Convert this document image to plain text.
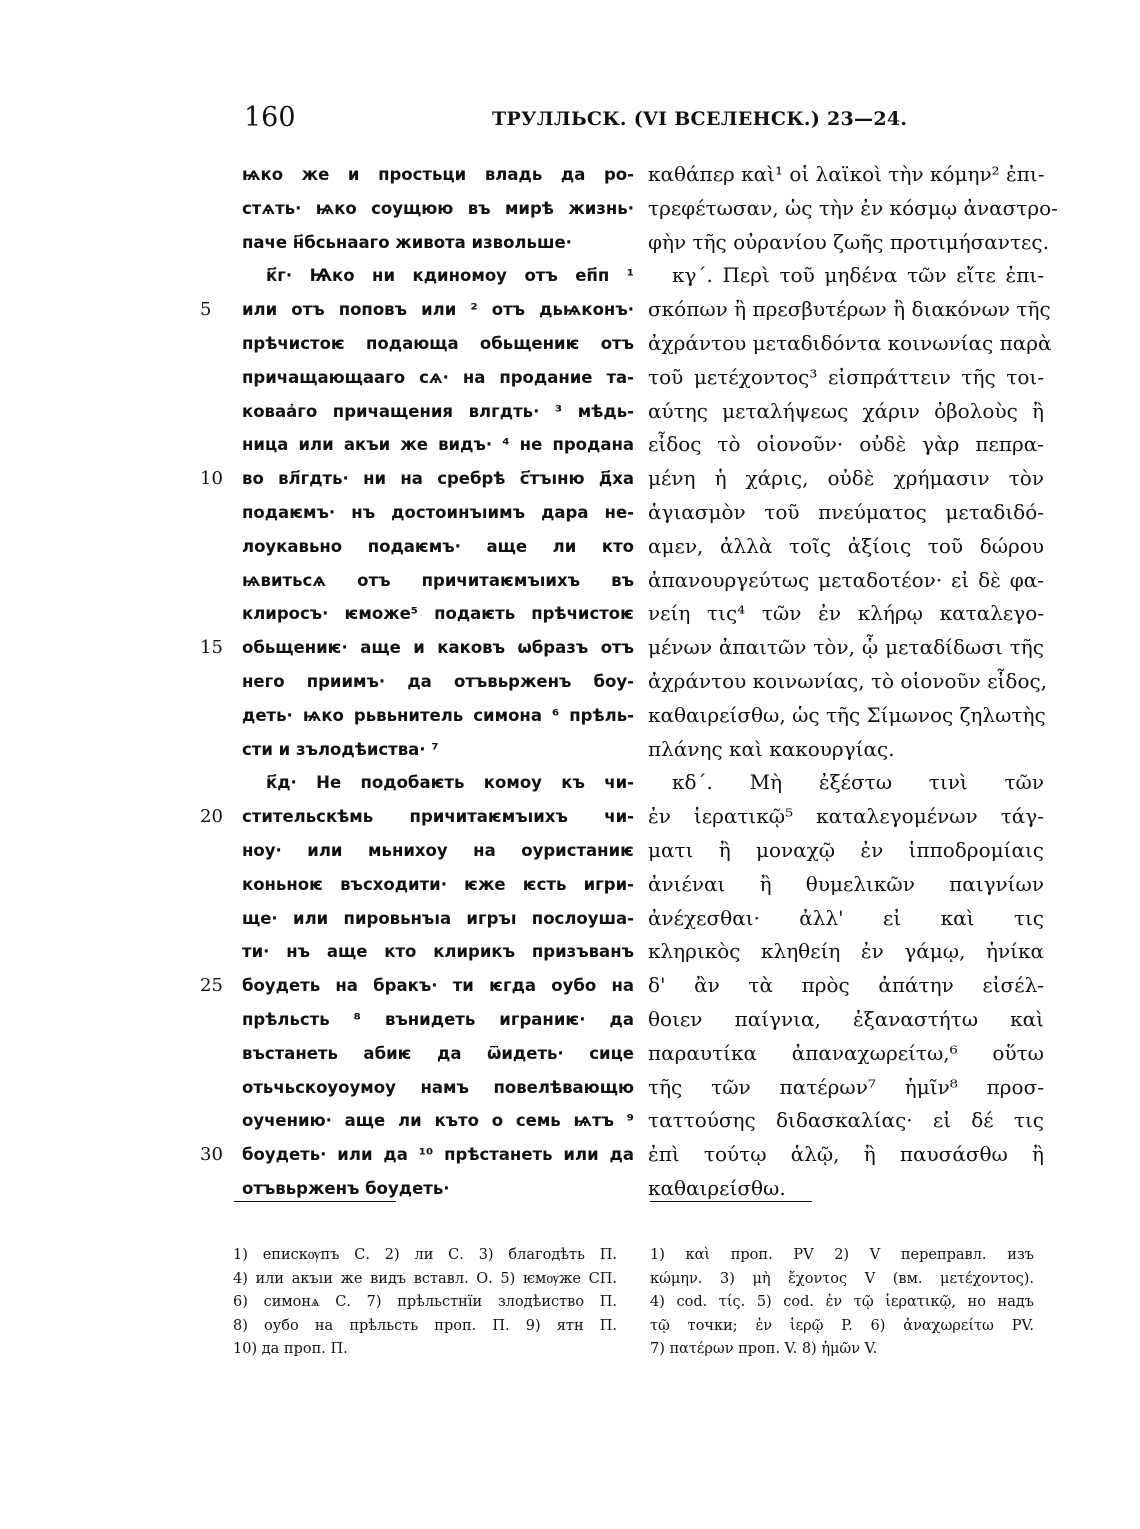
160	ТРУЛЛЬСК. (VI ВСЕЛЕНСК.) 23—24.
ѩко же и простьци владь да ро-
стѧть· ѩко соущюю въ мирѣ жизнь·
паче н҃бсьнааго живота извольше·
к҃г· Ѩко ни кдиномоу отъ еп҃п ¹
5	или отъ поповъ или ² отъ дьѩконъ·
прѣчистоѥ подающа обьщениѥ отъ
причащающааго сѧ· на продание та-
коваа҆го причащения влгдть· ³ мѣдь-
ница или акъи же видъ· ⁴ не продана
10	во вл҃гдть· ни на сребрѣ с҃тъıню д҃ха
подаѥмъ· нъ достоинъıимъ дара не-
лоукавьно подаѥмъ· аще ли кто
ѩвитьсѧ отъ причитаѥмъıихъ въ
клиросъ· ѥможе⁵ подаѥть прѣчистоѥ
15	обьщениѥ· аще и каковъ ѡбразъ отъ
него приимъ· да отъвьрженъ боу-
деть· ѩко рьвьнитель симона ⁶ прѣль-
сти и зълодѣиства· ⁷
к҃д· Не подобаѥть комоу къ чи-
20	стительскѣмь причитаѥмъıихъ чи-
ноу· или мьнихоу на оуристаниѥ
коньноѥ въсходити· ѥже ѥсть игри-
ще· или пировьнъıа игръı послоуша-
ти· нъ аще кто клирикъ призъванъ
25	боудеть на бракъ· ти ѥгда оубо на
прѣльсть ⁸ вънидеть играниѥ· да
въстанеть абиѥ да ѿидеть· сице
отьчьскоуоумоу намъ повелѣвающю
оучению· аще ли къто о семь ѩтъ ⁹
30	боудеть· или да ¹⁰ прѣстанеть или да
отъвьрженъ боудеть·
καθάπερ καὶ¹ οἱ λαϊκοὶ τὴν κόμην² ἐπι-
τρεφέτωσαν, ὡς τὴν ἐν κόσμῳ ἀναστρο-
φὴν τῆς οὐρανίου ζωῆς προτιμήσαντες.
κγ΄. Περὶ τοῦ μηδένα τῶν εἴτε ἐπι-
σκόπων ἢ πρεσβυτέρων ἢ διακόνων τῆς
ἀχράντου μεταδιδόντα κοινωνίας παρὰ
τοῦ μετέχοντος³ εἰσπράττειν τῆς τοι-
αύτης μεταλήψεως χάριν ὀβολοὺς ἢ
εἶδος τὸ οἱονοῦν· οὐδὲ γὰρ πεπρα-
μένη ἡ χάρις, οὐδὲ χρήμασιν τὸν
ἁγιασμὸν τοῦ πνεύματος μεταδιδό-
αμεν, ἀλλὰ τοῖς ἀξίοις τοῦ δώρου
ἀπανουργεύτως μεταδοτέον· εἰ δὲ φα-
νείη τις⁴ τῶν ἐν κλήρῳ καταλεγο-
μένων ἀπαιτῶν τὸν, ᾧ μεταδίδωσι τῆς
ἀχράντου κοινωνίας, τὸ οἱονοῦν εἶδος,
καθαιρείσθω, ὡς τῆς Σίμωνος ζηλωτὴς
πλάνης καὶ κακουργίας.
κδ΄. Μὴ ἐξέστω τινὶ τῶν
ἐν ἱερατικῷ⁵ καταλεγομένων τάγ-
ματι ἢ μοναχῷ ἐν ἱπποδρομίαις
ἀνιέναι ἢ θυμελικῶν παιγνίων
ἀνέχεσθαι· ἀλλ' εἰ καὶ τις
κληρικὸς κληθείη ἐν γάμῳ, ἡνίκα
δ' ἂν τὰ πρὸς ἀπάτην εἰσέλ-
θοιεν παίγνια, ἐξαναστήτω καὶ
παραυτίκα ἀπαναχωρείτω,⁶ οὕτω
τῆς τῶν πατέρων⁷ ἡμῖν⁸ προσ-
ταττούσης διδασκαλίας· εἰ δέ τις
ἐπὶ τούτῳ ἁλῷ, ἢ παυσάσθω ἢ
καθαιρείσθω.
1) епискѹпъ С. 2) ли С. 3) благодѣть П.
4) или акъıи же видъ вставл. О. 5) ѥмѹже СП.
6) симонѧ С. 7) прѣльстнїи злодѣиство П.
8) оубо на прѣльсть проп. П. 9) ятн П.
10) да проп. П.
1) καὶ проп. PV 2) V переправл. изъ
κώμην. 3) μὴ ἔχοντος V (вм. μετέχοντος).
4) cod. τίς. 5) cod. ἐν τῷ ἱερατικῷ, но надъ
τῷ точки; ἐν ἱερῷ P. 6) ἀναχωρείτω PV.
7) πατέρων проп. V. 8) ἡμῶν V.
